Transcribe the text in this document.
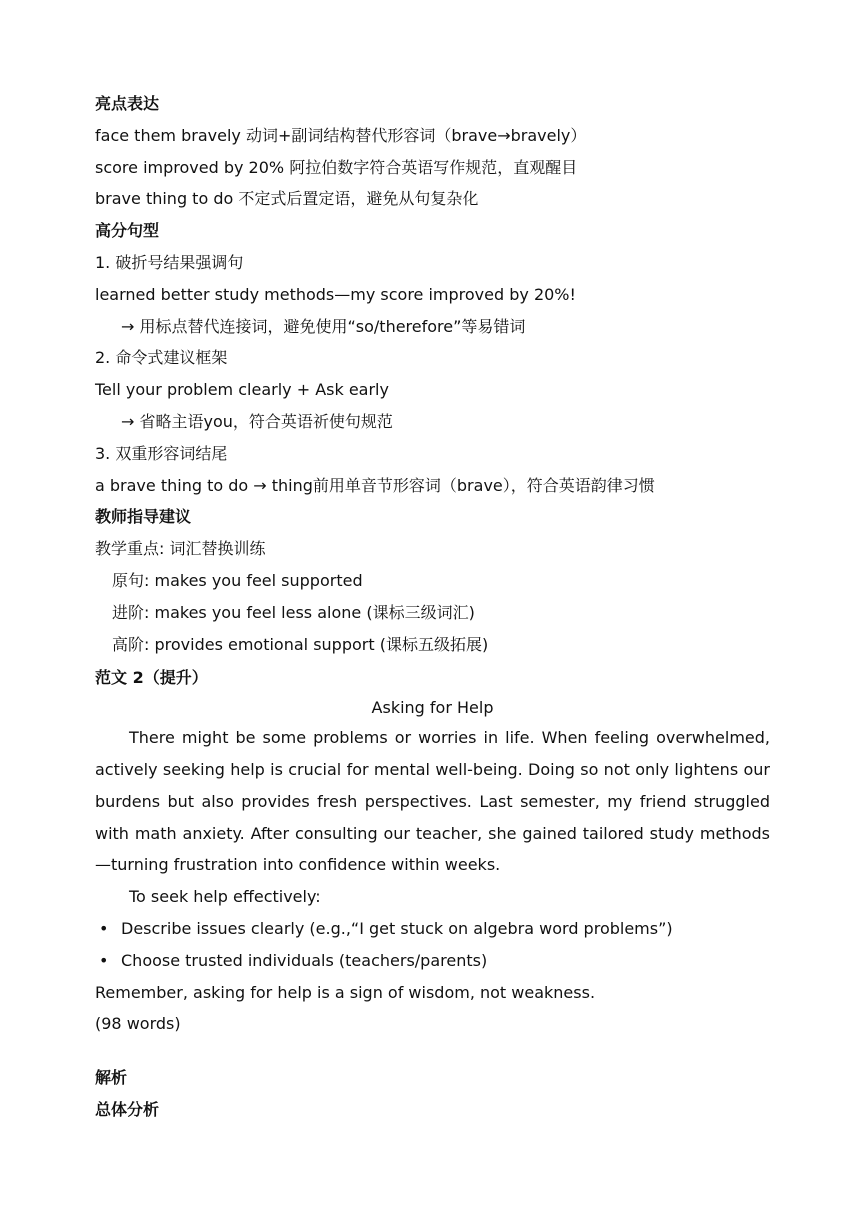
亮点表达
face them bravely 动词+副词结构替代形容词（brave→bravely）
score improved by 20% 阿拉伯数字符合英语写作规范，直观醒目
brave thing to do 不定式后置定语，避免从句复杂化
高分句型
1. 破折号结果强调句
learned better study methods—my score improved by 20%!
→ 用标点替代连接词，避免使用“so/therefore”等易错词
2. 命令式建议框架
Tell your problem clearly + Ask early
→ 省略主语you，符合英语祈使句规范
3. 双重形容词结尾
a brave thing to do → thing前用单音节形容词（brave），符合英语韵律习惯
教师指导建议
教学重点: 词汇替换训练
原句: makes you feel supported
进阶: makes you feel less alone (课标三级词汇)
高阶: provides emotional support (课标五级拓展)
范文 2（提升）
Asking for Help
There might be some problems or worries in life. When feeling overwhelmed, actively seeking help is crucial for mental well-being. Doing so not only lightens our burdens but also provides fresh perspectives. Last semester, my friend struggled with math anxiety. After consulting our teacher, she gained tailored study methods—turning frustration into confidence within weeks.
To seek help effectively:
• Describe issues clearly (e.g.,“I get stuck on algebra word problems”)
• Choose trusted individuals (teachers/parents)
Remember, asking for help is a sign of wisdom, not weakness.
(98 words)
解析
总体分析
